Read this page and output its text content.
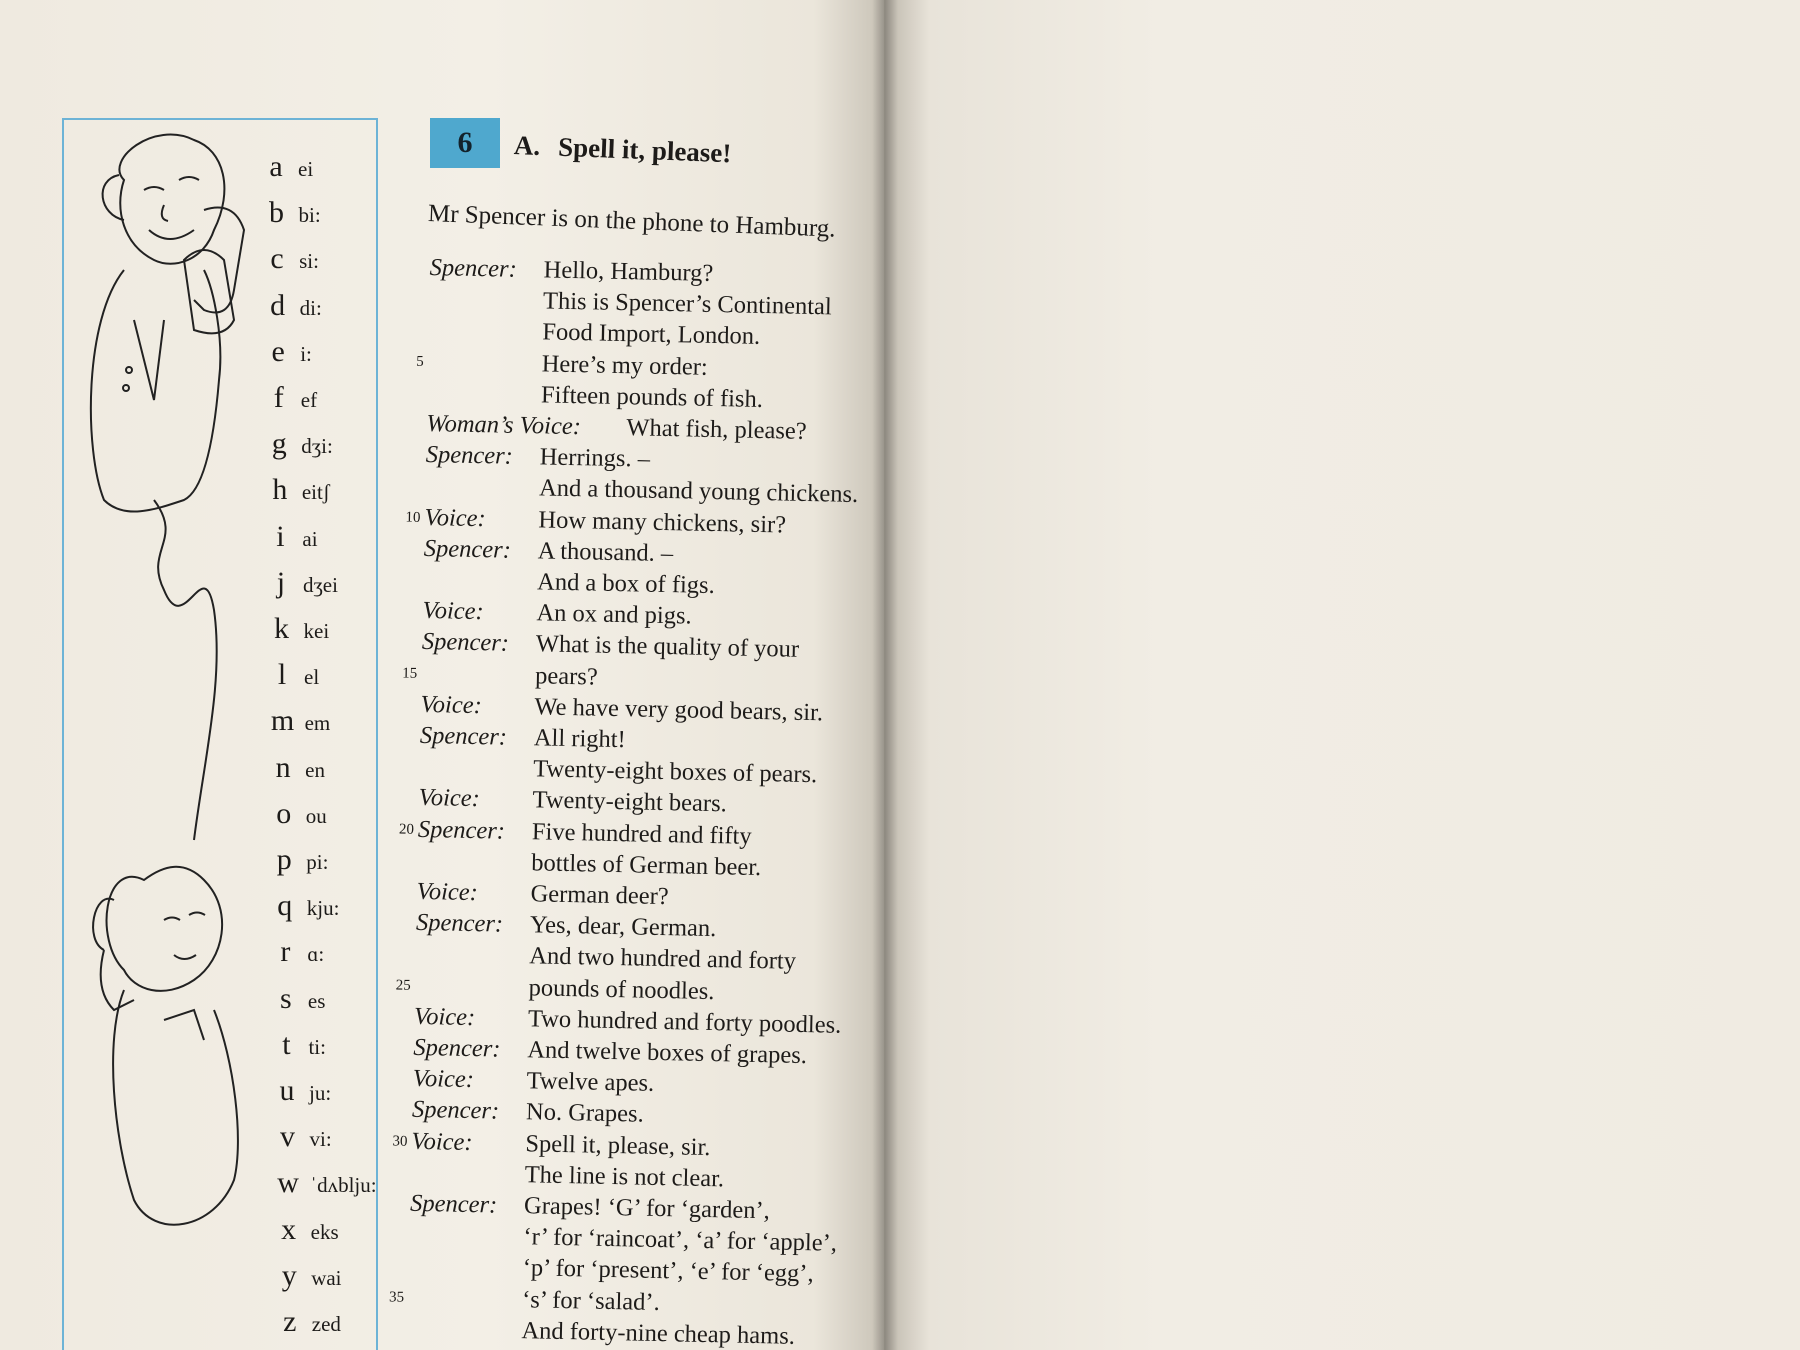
a ei
b bi:
c si:
d di:
e i:
f ef
g dʒi:
h eitʃ
i ai
j dʒei
k kei
l el
m em
n en
o ou
p pi:
q kju:
r ɑ:
s es
t ti:
u ju:
v vi:
w ˈdʌblju:
x eks
y wai
z zed
6	A. Spell it, please!
Mr Spencer is on the phone to Hamburg.
Spencer: Hello, Hamburg?
This is Spencer’s Continental
Food Import, London.
5	Here’s my order:
Fifteen pounds of fish.
Woman’s Voice: What fish, please?
Spencer: Herrings. –
And a thousand young chickens.
10 Voice: How many chickens, sir?
Spencer: A thousand. –
And a box of figs.
Voice: An ox and pigs.
Spencer: What is the quality of your
15	pears?
Voice: We have very good bears, sir.
Spencer: All right!
Twenty-eight boxes of pears.
Voice: Twenty-eight bears.
20 Spencer: Five hundred and fifty
bottles of German beer.
Voice: German deer?
Spencer: Yes, dear, German.
And two hundred and forty
25	pounds of noodles.
Voice: Two hundred and forty poodles.
Spencer: And twelve boxes of grapes.
Voice: Twelve apes.
Spencer: No. Grapes.
30 Voice: Spell it, please, sir.
The line is not clear.
Spencer: Grapes! ‘G’ for ‘garden’,
‘r’ for ‘raincoat’, ‘a’ for ‘apple’,
‘p’ for ‘present’, ‘e’ for ‘egg’,
35	‘s’ for ‘salad’.
And forty-nine cheap hams.
